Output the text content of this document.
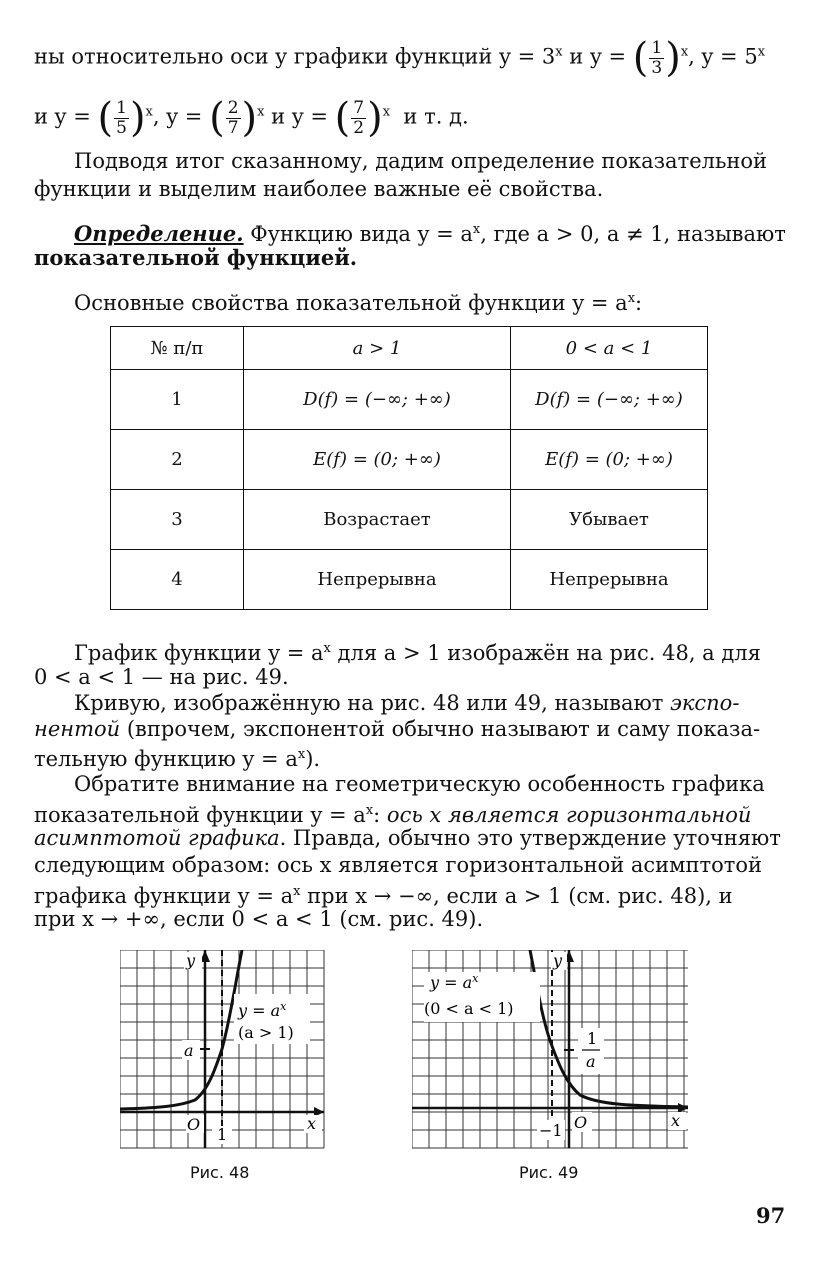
ны относительно оси y графики функций $y = 3^x$ и y = ( $\frac{1}{3} )^x$, $y = 5^x$
и y = ( $\frac{1}{5} )^x$, y = ( $\frac{2}{7} )^x$ и y = ( $\frac{7}{2} )^x$ и т. д.
Подводя итог сказанному, дадим определение показательной
функции и выделим наиболее важные её свойства.
Определение. Функцию вида $y = a^x$, где a > 0, a ≠ 1, называют
показательной функцией.
Основные свойства показательной функции $y = a^x$:
№ п/п	a > 1	0 < a < 1
1	D(f) = (−∞; +∞)	D(f) = (−∞; +∞)
2	E(f) = (0; +∞)	E(f) = (0; +∞)
3	Возрастает	Убывает
4	Непрерывна	Непрерывна
График функции $y = a^x$ для a > 1 изображён на рис. 48, а для
0 < a < 1 — на рис. 49.
Кривую, изображённую на рис. 48 или 49, называют экспо-
нентой (впрочем, экспонентой обычно называют и саму показа-
тельную функцию $y = a^x$).
Обратите внимание на геометрическую особенность графика
показательной функции $y = a^x$: ось x является горизонтальной
асимптотой графика. Правда, обычно это утверждение уточняют
следующим образом: ось x является горизонтальной асимптотой
графика функции $y = a^x$ при x → −∞, если a > 1 (см. рис. 48), и
при x → +∞, если 0 < a < 1 (см. рис. 49).
y
x
O
a
1
$y = a^x$
(a > 1)
Рис. 48
y
x
O
−1
1
a
$y = a^x$
(0 < a < 1)
Рис. 49
97
